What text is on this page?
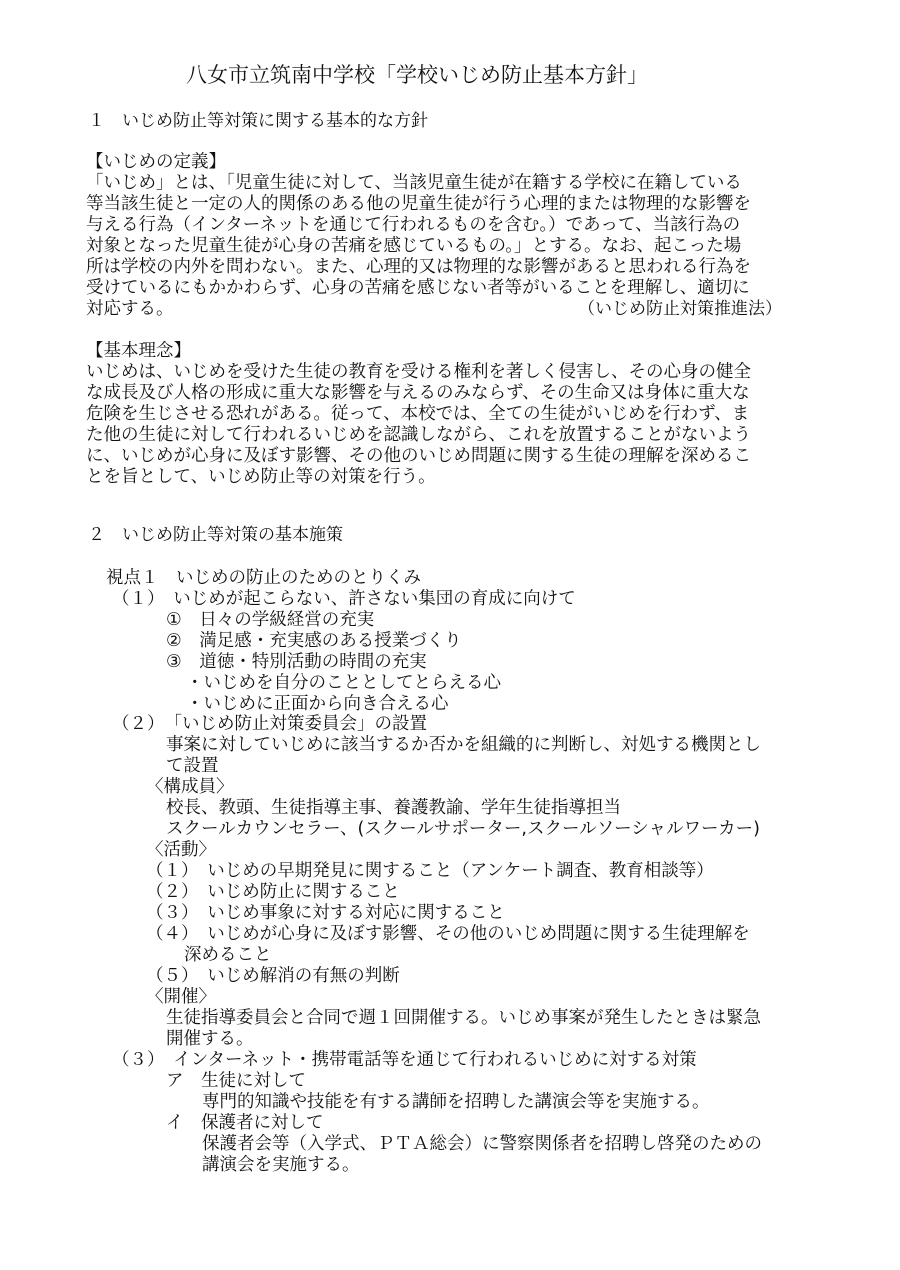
八女市立筑南中学校「学校いじめ防止基本方針」
１　いじめ防止等対策に関する基本的な方針
【いじめの定義】
「いじめ」とは、「児童生徒に対して、当該児童生徒が在籍する学校に在籍している
等当該生徒と一定の人的関係のある他の児童生徒が行う心理的または物理的な影響を
与える行為（インターネットを通じて行われるものを含む。）であって、当該行為の
対象となった児童生徒が心身の苦痛を感じているもの。」とする。なお、起こった場
所は学校の内外を問わない。また、心理的又は物理的な影響があると思われる行為を
受けているにもかかわらず、心身の苦痛を感じない者等がいることを理解し、適切に
対応する。	（いじめ防止対策推進法）
【基本理念】
いじめは、いじめを受けた生徒の教育を受ける権利を著しく侵害し、その心身の健全
な成長及び人格の形成に重大な影響を与えるのみならず、その生命又は身体に重大な
危険を生じさせる恐れがある。従って、本校では、全ての生徒がいじめを行わず、ま
た他の生徒に対して行われるいじめを認識しながら、これを放置することがないよう
に、いじめが心身に及ぼす影響、その他のいじめ問題に関する生徒の理解を深めるこ
とを旨として、いじめ防止等の対策を行う。
２　いじめ防止等対策の基本施策
視点１　いじめの防止のためのとりくみ
（１）　いじめが起こらない、許さない集団の育成に向けて
①　日々の学級経営の充実
②　満足感・充実感のある授業づくり
③　道徳・特別活動の時間の充実
・いじめを自分のこととしてとらえる心
・いじめに正面から向き合える心
（２）　「いじめ防止対策委員会」の設置
事案に対していじめに該当するか否かを組織的に判断し、対処する機関とし
て設置
〈構成員〉
校長、教頭、生徒指導主事、養護教諭、学年生徒指導担当
スクールカウンセラー、(スクールサポーター,スクールソーシャルワーカー)
〈活動〉
（１）　いじめの早期発見に関すること（アンケート調査、教育相談等）
（２）　いじめ防止に関すること
（３）　いじめ事象に対する対応に関すること
（４）　いじめが心身に及ぼす影響、その他のいじめ問題に関する生徒理解を
深めること
（５）　いじめ解消の有無の判断
〈開催〉
生徒指導委員会と合同で週１回開催する。いじめ事案が発生したときは緊急
開催する。
（３）　インターネット・携帯電話等を通じて行われるいじめに対する対策
ア　生徒に対して
専門的知識や技能を有する講師を招聘した講演会等を実施する。
イ　保護者に対して
保護者会等（入学式、ＰＴＡ総会）に警察関係者を招聘し啓発のための
講演会を実施する。
